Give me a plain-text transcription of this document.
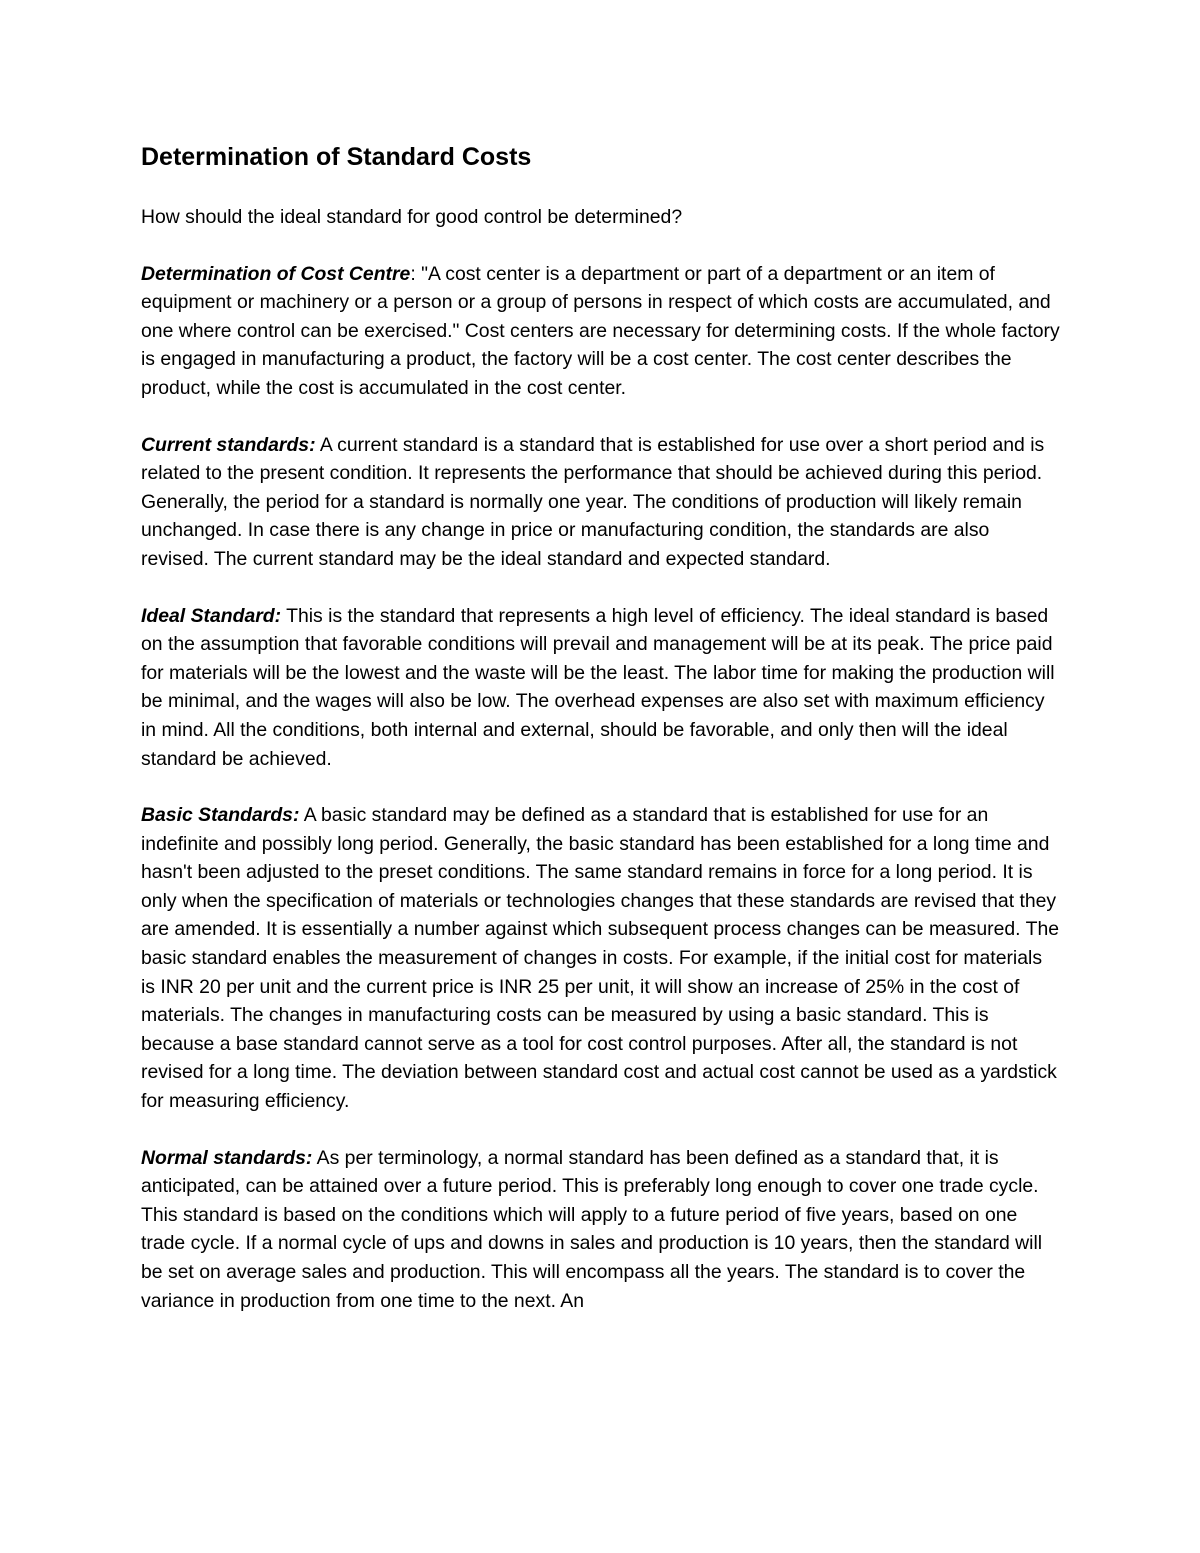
Determination of Standard Costs

How should the ideal standard for good control be determined?

Determination of Cost Centre: "A cost center is a department or part of a department or an item of equipment or machinery or a person or a group of persons in respect of which costs are accumulated, and one where control can be exercised." Cost centers are necessary for determining costs. If the whole factory is engaged in manufacturing a product, the factory will be a cost center. The cost center describes the product, while the cost is accumulated in the cost center.

Current standards: A current standard is a standard that is established for use over a short period and is related to the present condition. It represents the performance that should be achieved during this period. Generally, the period for a standard is normally one year. The conditions of production will likely remain unchanged. In case there is any change in price or manufacturing condition, the standards are also revised. The current standard may be the ideal standard and expected standard.

Ideal Standard: This is the standard that represents a high level of efficiency. The ideal standard is based on the assumption that favorable conditions will prevail and management will be at its peak. The price paid for materials will be the lowest and the waste will be the least. The labor time for making the production will be minimal, and the wages will also be low. The overhead expenses are also set with maximum efficiency in mind. All the conditions, both internal and external, should be favorable, and only then will the ideal standard be achieved.

Basic Standards: A basic standard may be defined as a standard that is established for use for an indefinite and possibly long period. Generally, the basic standard has been established for a long time and hasn't been adjusted to the preset conditions. The same standard remains in force for a long period. It is only when the specification of materials or technologies changes that these standards are revised that they are amended. It is essentially a number against which subsequent process changes can be measured. The basic standard enables the measurement of changes in costs. For example, if the initial cost for materials is INR 20 per unit and the current price is INR 25 per unit, it will show an increase of 25% in the cost of materials. The changes in manufacturing costs can be measured by using a basic standard. This is because a base standard cannot serve as a tool for cost control purposes. After all, the standard is not revised for a long time. The deviation between standard cost and actual cost cannot be used as a yardstick for measuring efficiency.

Normal standards: As per terminology, a normal standard has been defined as a standard that, it is anticipated, can be attained over a future period. This is preferably long enough to cover one trade cycle. This standard is based on the conditions which will apply to a future period of five years, based on one trade cycle. If a normal cycle of ups and downs in sales and production is 10 years, then the standard will be set on average sales and production. This will encompass all the years. The standard is to cover the variance in production from one time to the next. An
